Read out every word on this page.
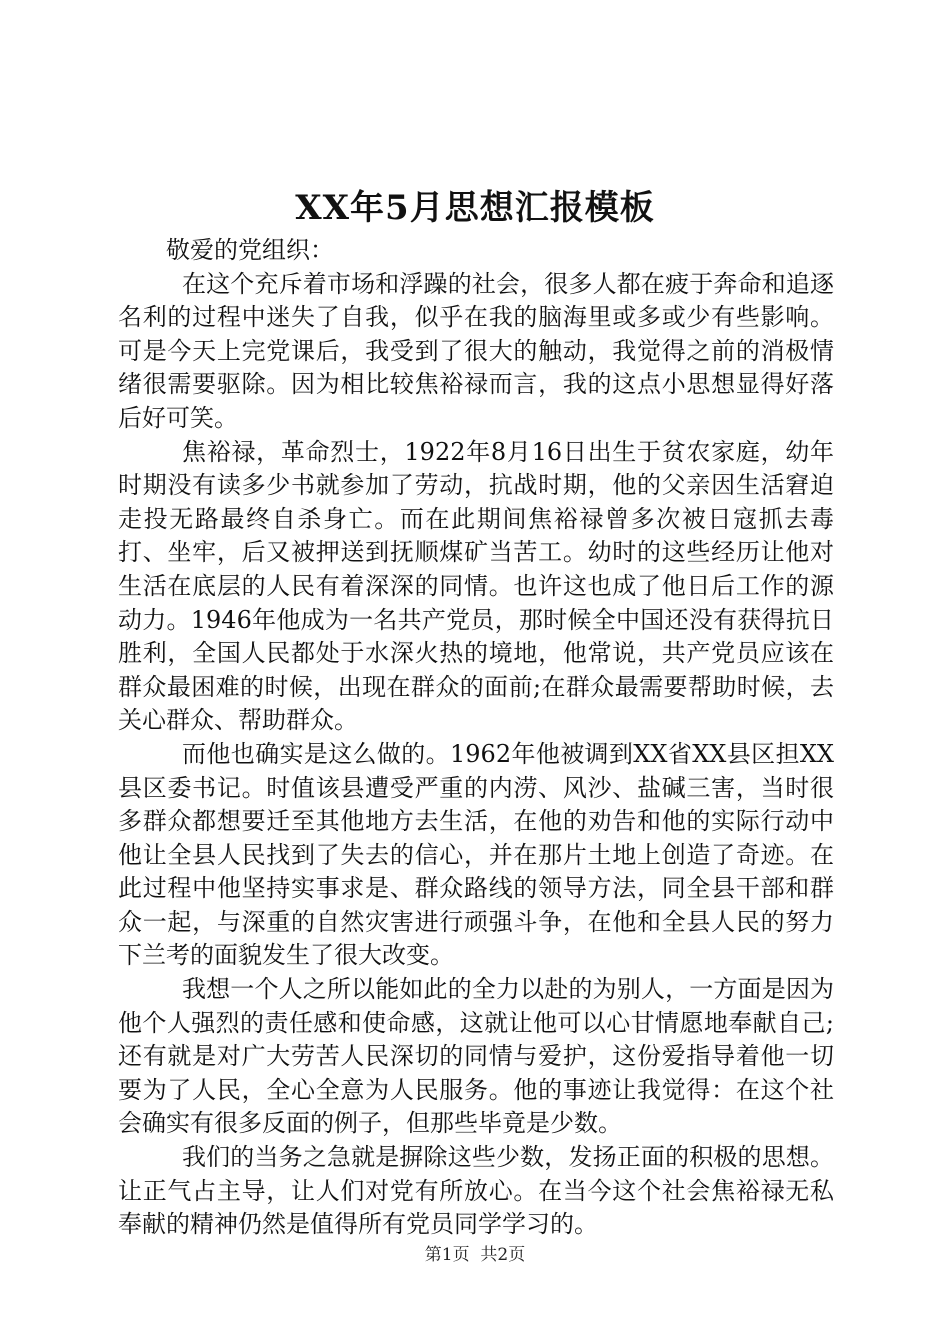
XX年5月思想汇报模板

敬爱的党组织：

在这个充斥着市场和浮躁的社会，很多人都在疲于奔命和追逐名利的过程中迷失了自我，似乎在我的脑海里或多或少有些影响。可是今天上完党课后，我受到了很大的触动，我觉得之前的消极情绪很需要驱除。因为相比较焦裕禄而言，我的这点小思想显得好落后好可笑。

焦裕禄，革命烈士，1922年8月16日出生于贫农家庭，幼年时期没有读多少书就参加了劳动，抗战时期，他的父亲因生活窘迫走投无路最终自杀身亡。而在此期间焦裕禄曾多次被日寇抓去毒打、坐牢，后又被押送到抚顺煤矿当苦工。幼时的这些经历让他对生活在底层的人民有着深深的同情。也许这也成了他日后工作的源动力。1946年他成为一名共产党员，那时候全中国还没有获得抗日胜利，全国人民都处于水深火热的境地，他常说，共产党员应该在群众最困难的时候，出现在群众的面前;在群众最需要帮助时候，去关心群众、帮助群众。

而他也确实是这么做的。1962年他被调到XX省XX县区担XX县区委书记。时值该县遭受严重的内涝、风沙、盐碱三害，当时很多群众都想要迁至其他地方去生活，在他的劝告和他的实际行动中他让全县人民找到了失去的信心，并在那片土地上创造了奇迹。在此过程中他坚持实事求是、群众路线的领导方法，同全县干部和群众一起，与深重的自然灾害进行顽强斗争，在他和全县人民的努力下兰考的面貌发生了很大改变。

我想一个人之所以能如此的全力以赴的为别人，一方面是因为他个人强烈的责任感和使命感，这就让他可以心甘情愿地奉献自己;还有就是对广大劳苦人民深切的同情与爱护，这份爱指导着他一切要为了人民，全心全意为人民服务。他的事迹让我觉得：在这个社会确实有很多反面的例子，但那些毕竟是少数。

我们的当务之急就是摒除这些少数，发扬正面的积极的思想。让正气占主导，让人们对党有所放心。在当今这个社会焦裕禄无私奉献的精神仍然是值得所有党员同学学习的。

第1页  共2页
